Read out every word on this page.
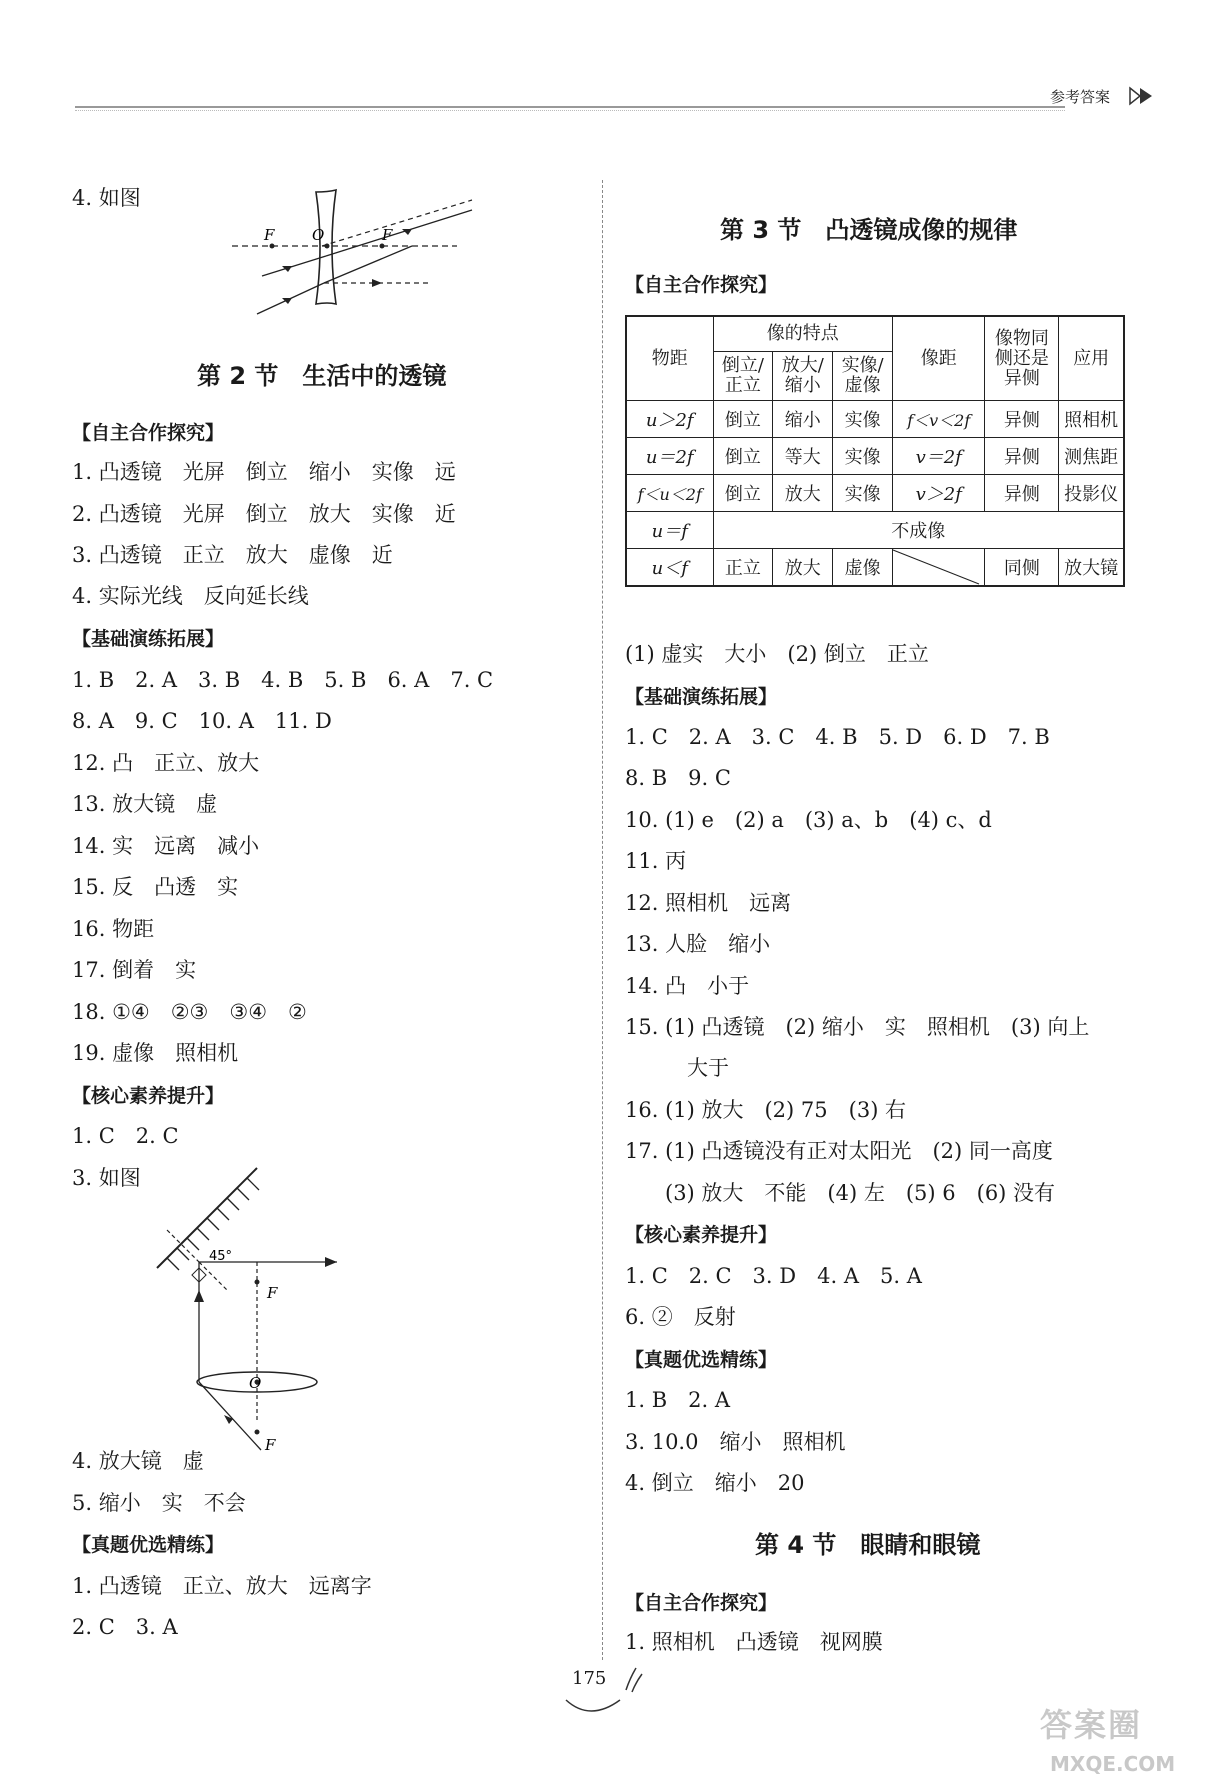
参考答案
4. 如图
F	O	F
第 2 节　生活中的透镜
【自主合作探究】
1. 凸透镜　光屏　倒立　缩小　实像　远
2. 凸透镜　光屏　倒立　放大　实像　近
3. 凸透镜　正立　放大　虚像　近
4. 实际光线　反向延长线
【基础演练拓展】
1. B　2. A　3. B　4. B　5. B　6. A　7. C
8. A　9. C　10. A　11. D
12. 凸　正立、放大
13. 放大镜　虚
14. 实　远离　减小
15. 反　凸透　实
16. 物距
17. 倒着　实
18. ①④　②③　③④　②
19. 虚像　照相机
【核心素养提升】
1. C　2. C
3. 如图
45°
F
O
F
4. 放大镜　虚
5. 缩小　实　不会
【真题优选精练】
1. 凸透镜　正立、放大　远离字
2. C　3. A
第 3 节　凸透镜成像的规律
【自主合作探究】
物距	像的特点			像距	像物同侧还是异侧	应用
	倒立/正立	放大/缩小	实像/虚像			
u＞2f	倒立	缩小	实像	f＜v＜2f	异侧	照相机
u＝2f	倒立	等大	实像	v＝2f	异侧	测焦距
f＜u＜2f	倒立	放大	实像	v＞2f	异侧	投影仪
u＝f	不成像					
u＜f	正立	放大	虚像		同侧	放大镜
(1) 虚实　大小　(2) 倒立　正立
【基础演练拓展】
1. C　2. A　3. C　4. B　5. D　6. D　7. B
8. B　9. C
10. (1) e　(2) a　(3) a、b　(4) c、d
11. 丙
12. 照相机　远离
13. 人脸　缩小
14. 凸　小于
15. (1) 凸透镜　(2) 缩小　实　照相机　(3) 向上
大于
16. (1) 放大　(2) 75　(3) 右
17. (1) 凸透镜没有正对太阳光　(2) 同一高度
(3) 放大　不能　(4) 左　(5) 6　(6) 没有
【核心素养提升】
1. C　2. C　3. D　4. A　5. A
6. ②　反射
【真题优选精练】
1. B　2. A
3. 10.0　缩小　照相机
4. 倒立　缩小　20
第 4 节　眼睛和眼镜
【自主合作探究】
1. 照相机　凸透镜　视网膜
175
答案圈
MXQE.COM
